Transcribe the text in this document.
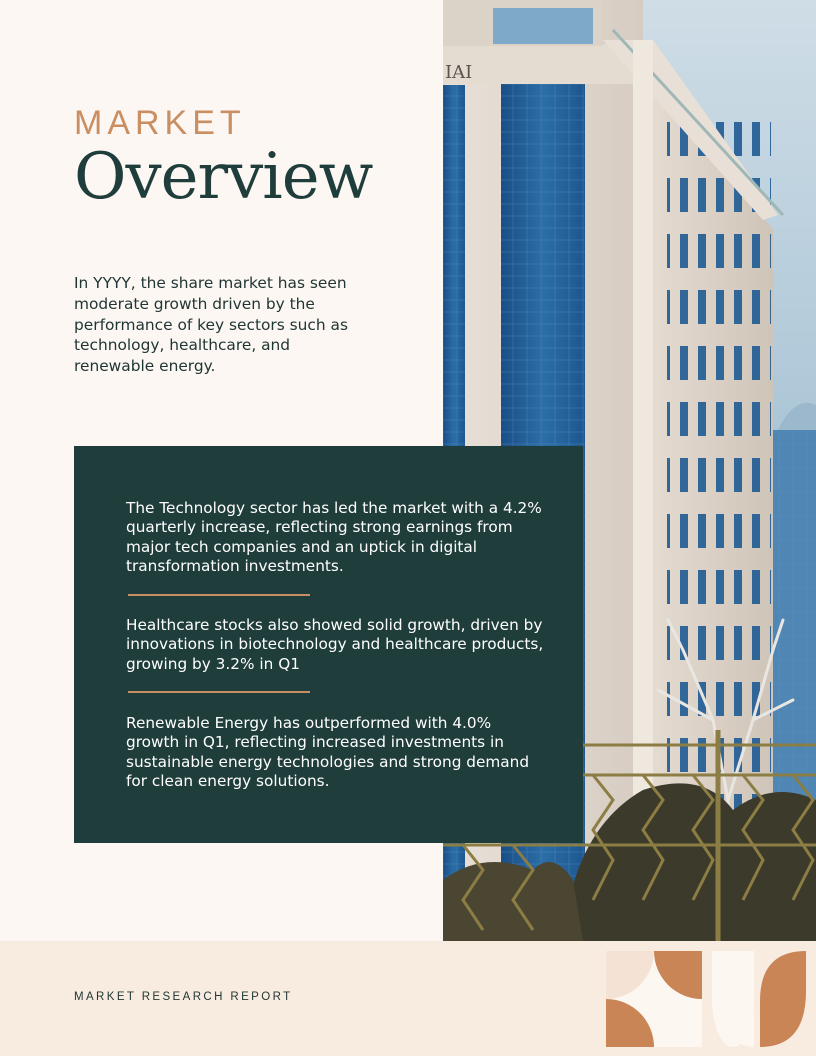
IAI
MARKET
Overview

In YYYY, the share market has seen moderate growth driven by the performance of key sectors such as technology, healthcare, and renewable energy.

The Technology sector has led the market with a 4.2% quarterly increase, reflecting strong earnings from major tech companies and an uptick in digital transformation investments.

Healthcare stocks also showed solid growth, driven by innovations in biotechnology and healthcare products, growing by 3.2% in Q1

Renewable Energy has outperformed with 4.0% growth in Q1, reflecting increased investments in sustainable energy technologies and strong demand for clean energy solutions.

MARKET RESEARCH REPORT
